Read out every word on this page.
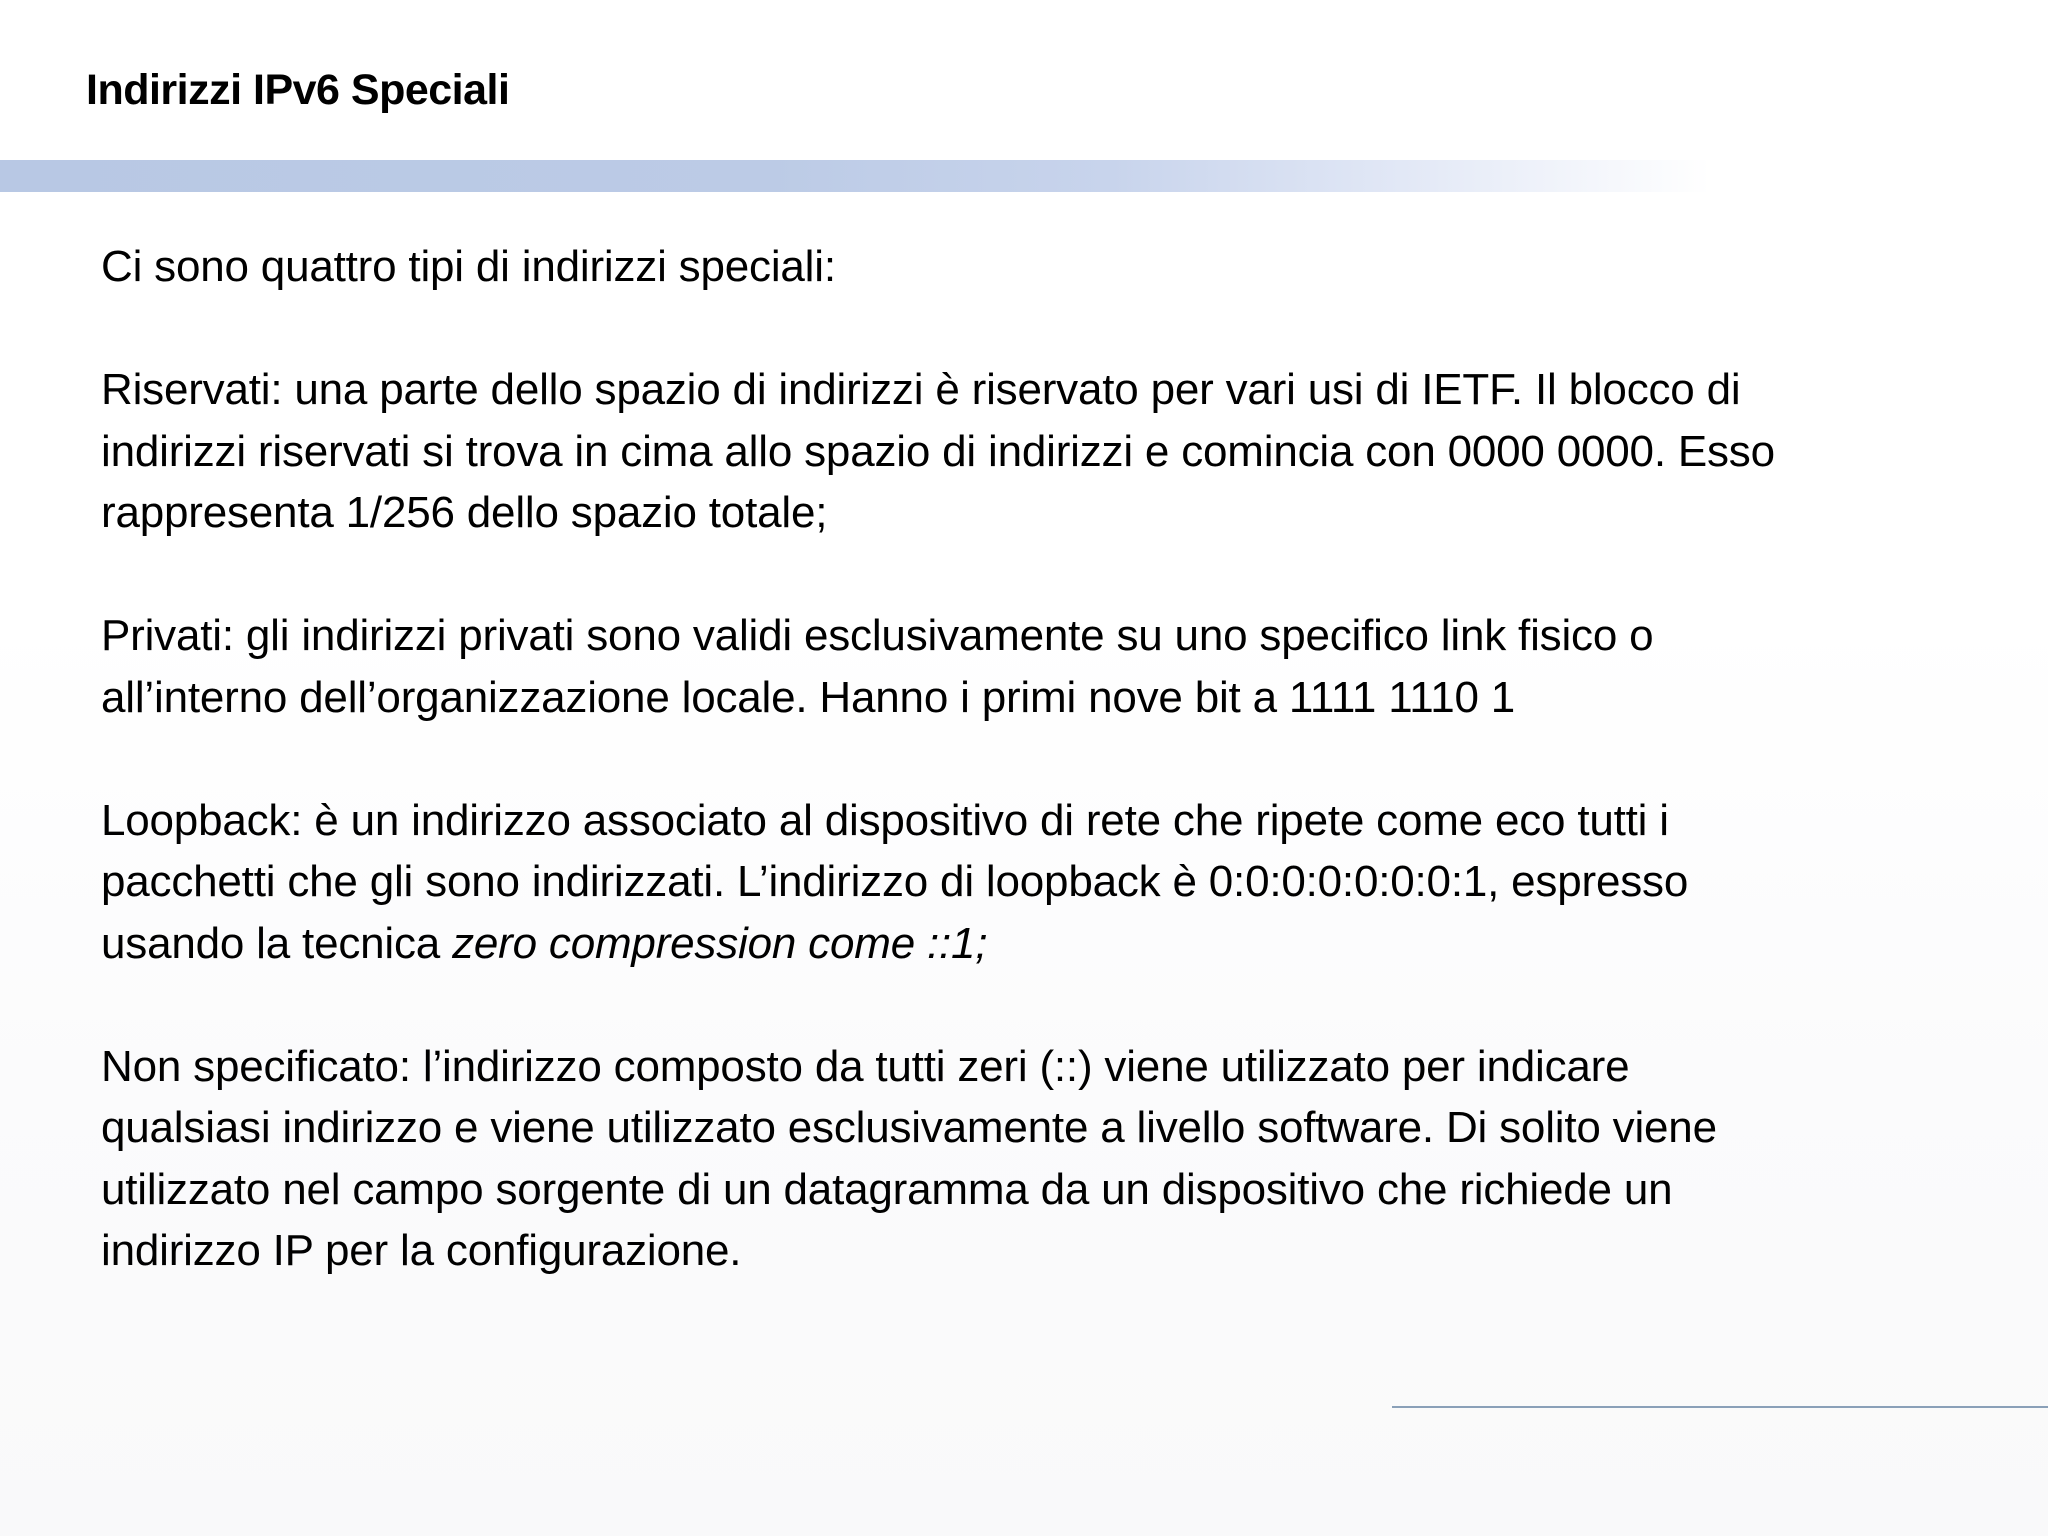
Indirizzi IPv6 Speciali

Ci sono quattro tipi di indirizzi speciali:

Riservati: una parte dello spazio di indirizzi è riservato per vari usi di IETF. Il blocco di
indirizzi riservati si trova in cima allo spazio di indirizzi e comincia con 0000 0000. Esso
rappresenta 1/256 dello spazio totale;

Privati: gli indirizzi privati sono validi esclusivamente su uno specifico link fisico o
all’interno dell’organizzazione locale. Hanno i primi nove bit a 1111 1110 1

Loopback: è un indirizzo associato al dispositivo di rete che ripete come eco tutti i
pacchetti che gli sono indirizzati. L’indirizzo di loopback è 0:0:0:0:0:0:0:1, espresso
usando la tecnica zero compression come ::1;

Non specificato: l’indirizzo composto da tutti zeri (::) viene utilizzato per indicare
qualsiasi indirizzo e viene utilizzato esclusivamente a livello software. Di solito viene
utilizzato nel campo sorgente di un datagramma da un dispositivo che richiede un
indirizzo IP per la configurazione.
